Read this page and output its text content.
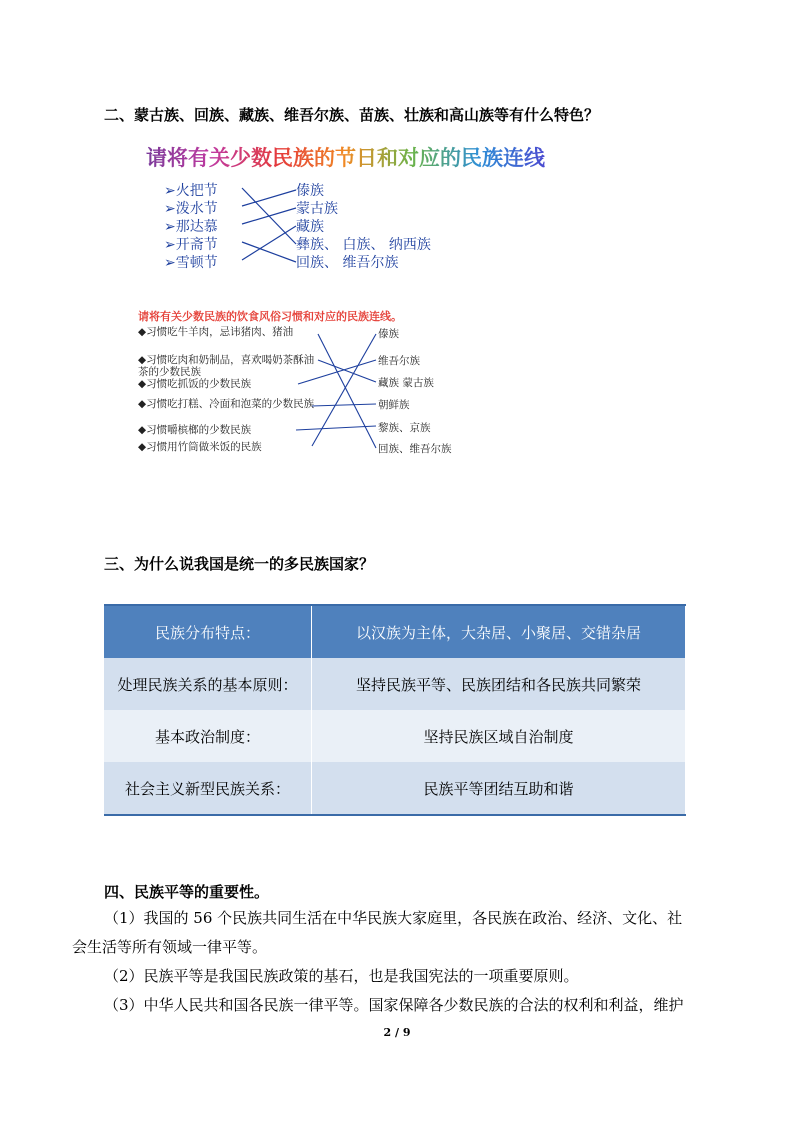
二、蒙古族、回族、藏族、维吾尔族、苗族、壮族和高山族等有什么特色？
请将有关少数民族的节日和对应的民族连线
➢火把节
➢泼水节
➢那达慕
➢开斋节
➢雪顿节
傣族
蒙古族
藏族
彝族、 白族、 纳西族
回族、 维吾尔族
请将有关少数民族的饮食风俗习惯和对应的民族连线。
◆习惯吃牛羊肉，忌讳猪肉、猪油
◆习惯吃肉和奶制品，喜欢喝奶茶酥油茶的少数民族
◆习惯吃抓饭的少数民族
◆习惯吃打糕、冷面和泡菜的少数民族
◆习惯嚼槟榔的少数民族
◆习惯用竹筒做米饭的民族
傣族
维吾尔族
藏族 蒙古族
朝鲜族
黎族、京族
回族、维吾尔族
三、为什么说我国是统一的多民族国家？
民族分布特点：	以汉族为主体，大杂居、小聚居、交错杂居
处理民族关系的基本原则：	坚持民族平等、民族团结和各民族共同繁荣
基本政治制度：	坚持民族区域自治制度
社会主义新型民族关系：	民族平等团结互助和谐
四、民族平等的重要性。
（1）我国的 56 个民族共同生活在中华民族大家庭里，各民族在政治、经济、文化、社
会生活等所有领域一律平等。
（2）民族平等是我国民族政策的基石，也是我国宪法的一项重要原则。
（3）中华人民共和国各民族一律平等。国家保障各少数民族的合法的权利和利益，维护
2 / 9
